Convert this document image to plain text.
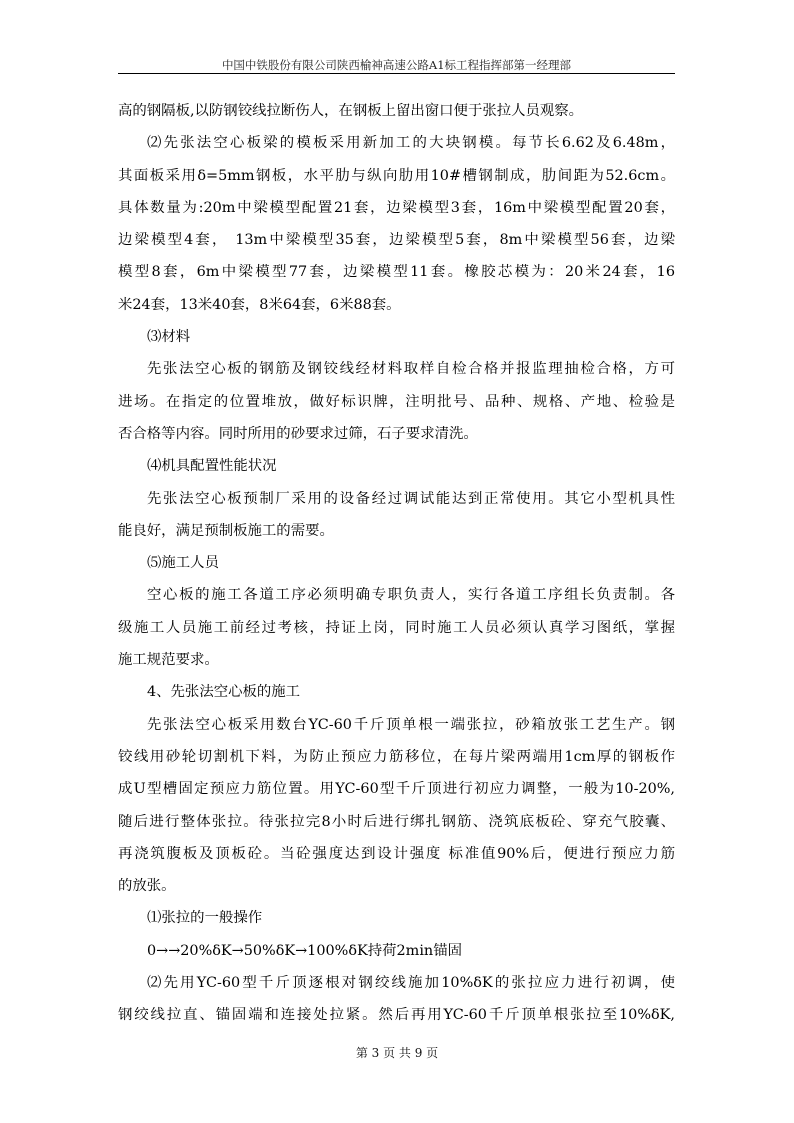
中国中铁股份有限公司陕西榆神高速公路A1标工程指挥部第一经理部
高的钢隔板,以防钢铰线拉断伤人，在钢板上留出窗口便于张拉人员观察。
⑵先张法空心板梁的模板采用新加工的大块钢模。每节长6.62及6.48m，
其面板采用δ=5mm钢板，水平肋与纵向肋用10#槽钢制成，肋间距为52.6cm。
具体数量为:20m中梁模型配置21套，边梁模型3套，16m中梁模型配置20套，
边梁模型4套， 13m中梁模型35套，边梁模型5套，8m中梁模型56套，边梁
模型8套，6m中梁模型77套，边梁模型11套。橡胶芯模为：20米24套，16
米24套，13米40套，8米64套，6米88套。
⑶材料
先张法空心板的钢筋及钢铰线经材料取样自检合格并报监理抽检合格，方可
进场。在指定的位置堆放，做好标识牌，注明批号、品种、规格、产地、检验是
否合格等内容。同时所用的砂要求过筛，石子要求清洗。
⑷机具配置性能状况
先张法空心板预制厂采用的设备经过调试能达到正常使用。其它小型机具性
能良好，满足预制板施工的需要。
⑸施工人员
空心板的施工各道工序必须明确专职负责人，实行各道工序组长负责制。各
级施工人员施工前经过考核，持证上岗，同时施工人员必须认真学习图纸，掌握
施工规范要求。
4、先张法空心板的施工
先张法空心板采用数台YC-60千斤顶单根一端张拉，砂箱放张工艺生产。钢
铰线用砂轮切割机下料，为防止预应力筋移位，在每片梁两端用1cm厚的钢板作
成U型槽固定预应力筋位置。用YC-60型千斤顶进行初应力调整，一般为10-20%,
随后进行整体张拉。待张拉完8小时后进行绑扎钢筋、浇筑底板砼、穿充气胶囊、
再浇筑腹板及顶板砼。当砼强度达到设计强度 标准值90%后，便进行预应力筋
的放张。
⑴张拉的一般操作
0→→20%δK→50%δK→100%δK持荷2min锚固
⑵先用YC-60型千斤顶逐根对钢绞线施加10%δK的张拉应力进行初调，使
钢绞线拉直、锚固端和连接处拉紧。然后再用YC-60千斤顶单根张拉至10%δK,
第 3 页 共 9 页
